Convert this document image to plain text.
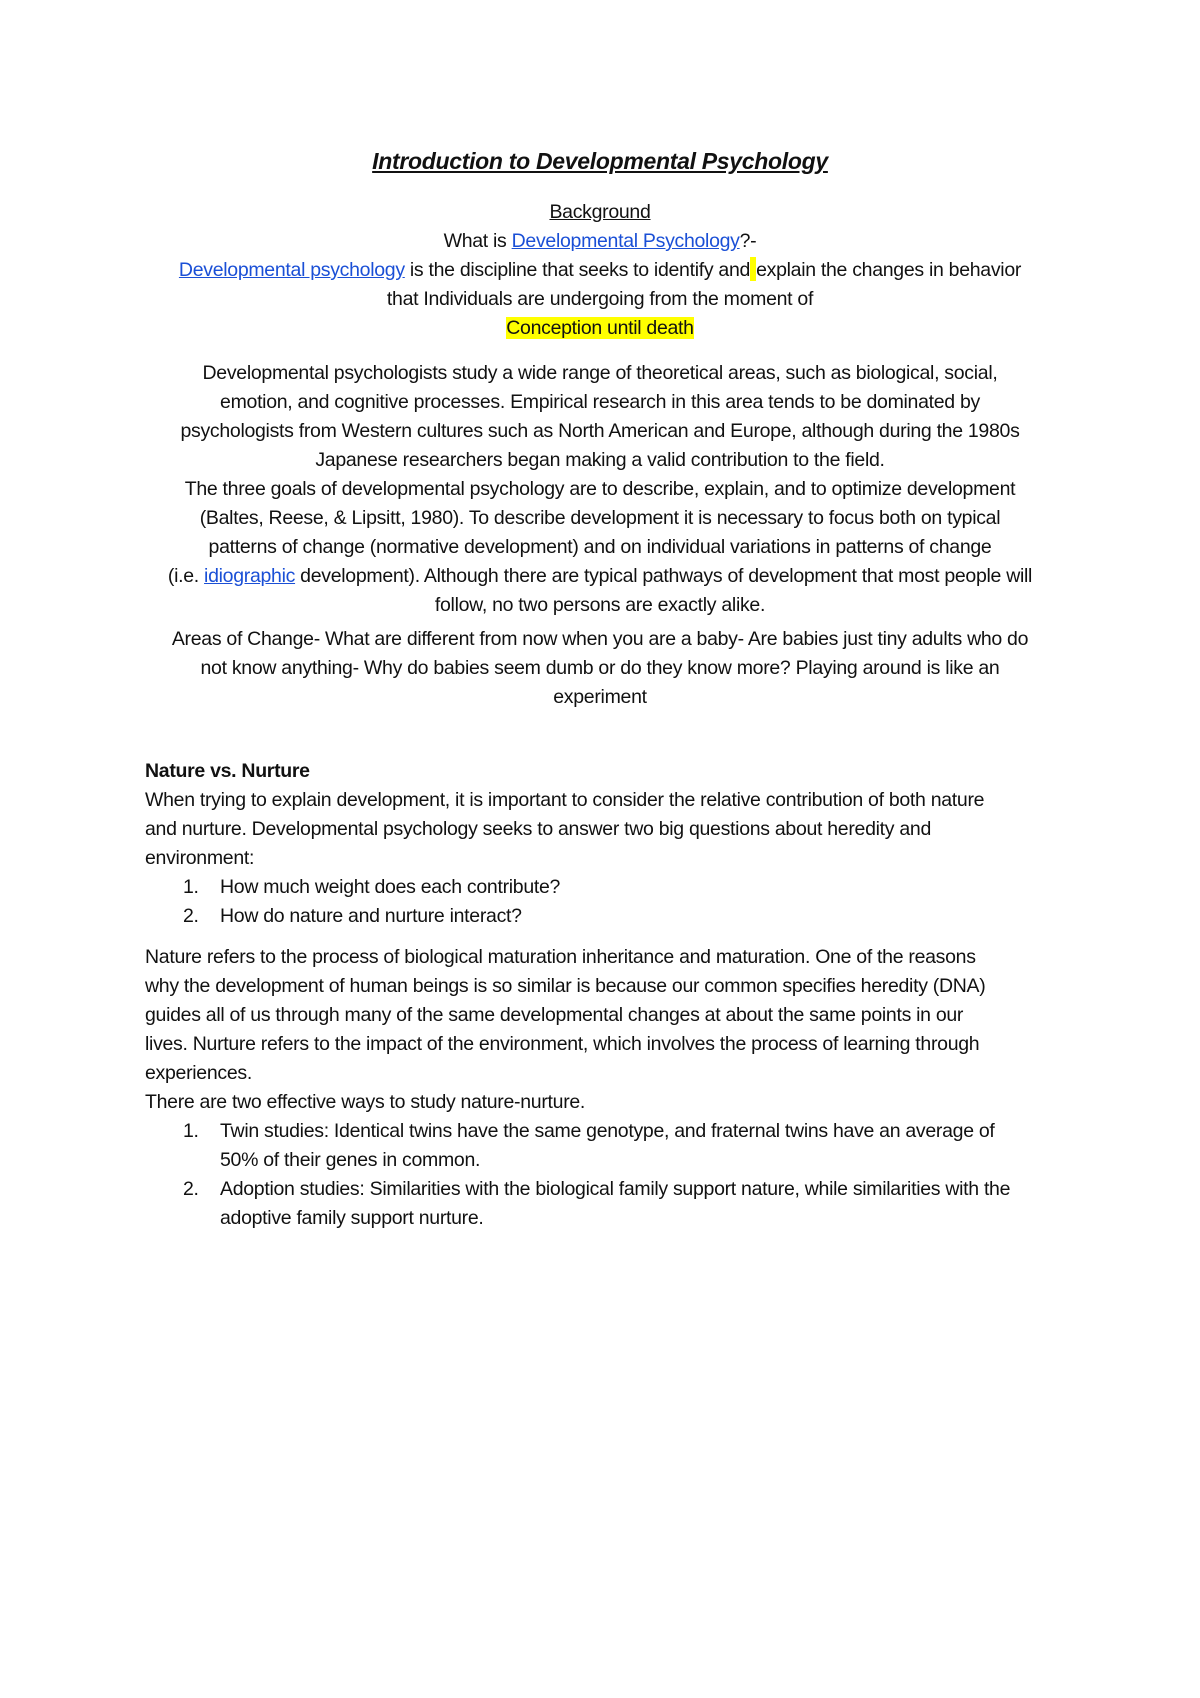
Introduction to Developmental Psychology
Background
What is Developmental Psychology?-
Developmental psychology is the discipline that seeks to identify and explain the changes in behavior
that Individuals are undergoing from the moment of
Conception until death
Developmental psychologists study a wide range of theoretical areas, such as biological, social,
emotion, and cognitive processes. Empirical research in this area tends to be dominated by
psychologists from Western cultures such as North American and Europe, although during the 1980s
Japanese researchers began making a valid contribution to the field.
The three goals of developmental psychology are to describe, explain, and to optimize development
(Baltes, Reese, & Lipsitt, 1980). To describe development it is necessary to focus both on typical
patterns of change (normative development) and on individual variations in patterns of change
(i.e. idiographic development). Although there are typical pathways of development that most people will
follow, no two persons are exactly alike.
Areas of Change- What are different from now when you are a baby- Are babies just tiny adults who do
not know anything- Why do babies seem dumb or do they know more? Playing around is like an
experiment
Nature vs. Nurture
When trying to explain development, it is important to consider the relative contribution of both nature
and nurture. Developmental psychology seeks to answer two big questions about heredity and
environment:
1. How much weight does each contribute?
2. How do nature and nurture interact?
Nature refers to the process of biological maturation inheritance and maturation. One of the reasons
why the development of human beings is so similar is because our common specifies heredity (DNA)
guides all of us through many of the same developmental changes at about the same points in our
lives. Nurture refers to the impact of the environment, which involves the process of learning through
experiences.
There are two effective ways to study nature-nurture.
1. Twin studies: Identical twins have the same genotype, and fraternal twins have an average of
50% of their genes in common.
2. Adoption studies: Similarities with the biological family support nature, while similarities with the
adoptive family support nurture.
